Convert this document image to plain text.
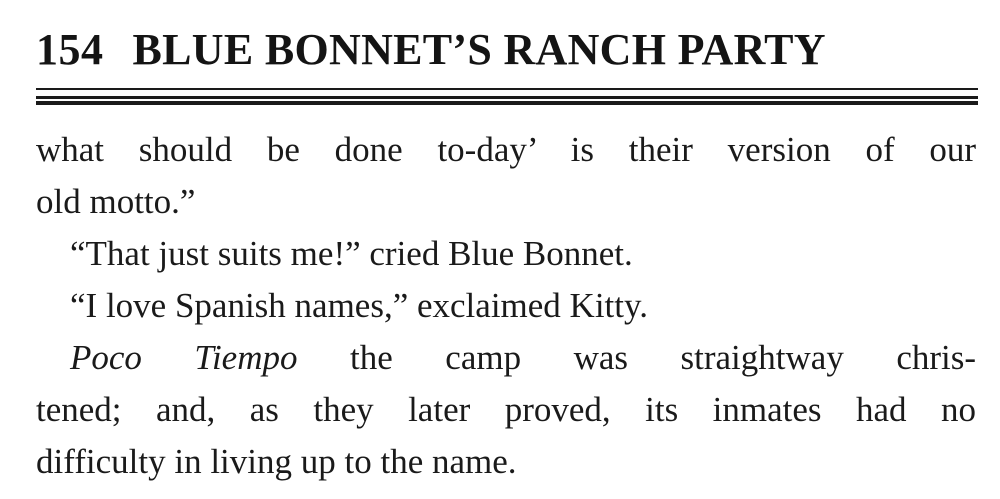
154 BLUE BONNET’S RANCH PARTY
what should be done to-day’ is their version of our
old motto.”
“That just suits me!” cried Blue Bonnet.
“I love Spanish names,” exclaimed Kitty.
Poco Tiempo the camp was straightway chris-
tened; and, as they later proved, its inmates had no
difficulty in living up to the name.
